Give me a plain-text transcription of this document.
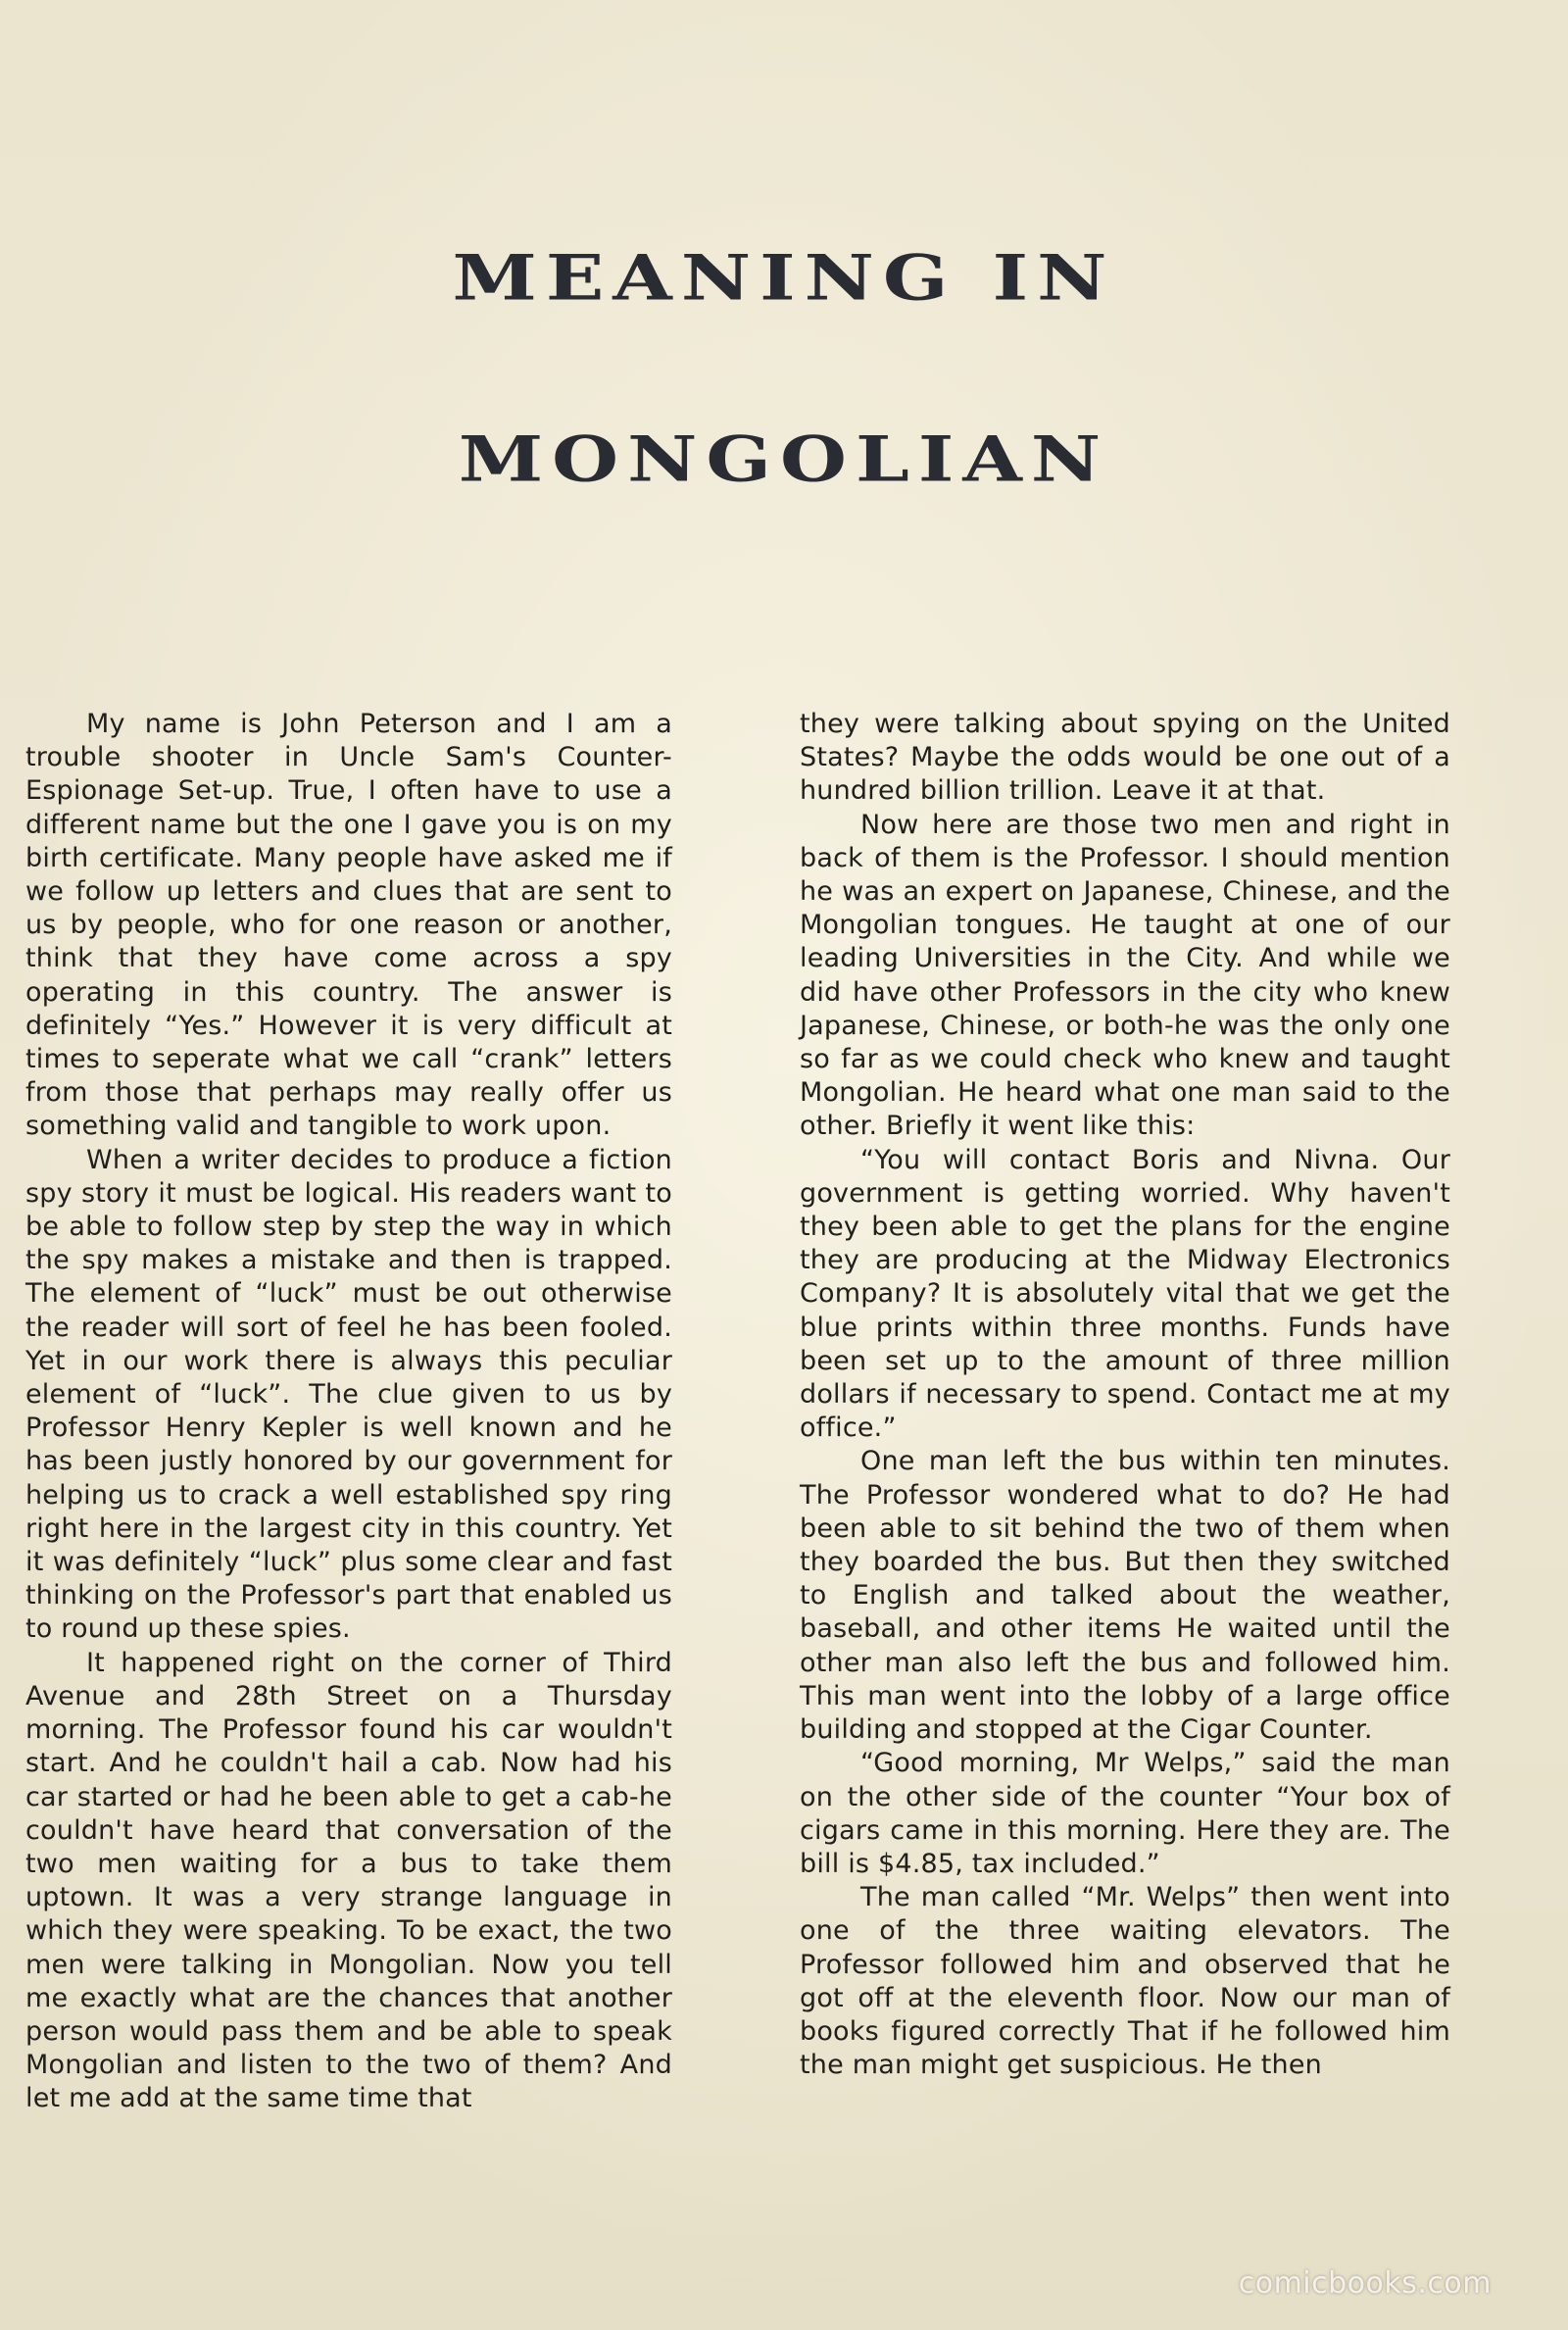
MEANING IN
MONGOLIAN

My name is John Peterson and I am a trouble shooter in Uncle Sam's Counter-Espionage Set-up. True, I often have to use a different name but the one I gave you is on my birth certificate. Many people have asked me if we follow up letters and clues that are sent to us by people, who for one reason or another, think that they have come across a spy operating in this country. The answer is definitely “Yes.” However it is very difficult at times to seperate what we call “crank” letters from those that perhaps may really offer us something valid and tangible to work upon.

When a writer decides to produce a fiction spy story it must be logical. His readers want to be able to follow step by step the way in which the spy makes a mistake and then is trapped. The element of “luck” must be out otherwise the reader will sort of feel he has been fooled. Yet in our work there is always this peculiar element of “luck”. The clue given to us by Professor Henry Kepler is well known and he has been justly honored by our government for helping us to crack a well established spy ring right here in the largest city in this country. Yet it was definitely “luck” plus some clear and fast thinking on the Professor's part that enabled us to round up these spies.

It happened right on the corner of Third Avenue and 28th Street on a Thursday morning. The Professor found his car wouldn't start. And he couldn't hail a cab. Now had his car started or had he been able to get a cab-he couldn't have heard that conversation of the two men waiting for a bus to take them uptown. It was a very strange language in which they were speaking. To be exact, the two men were talking in Mongolian. Now you tell me exactly what are the chances that another person would pass them and be able to speak Mongolian and listen to the two of them? And let me add at the same time that

they were talking about spying on the United States? Maybe the odds would be one out of a hundred billion trillion. Leave it at that.

Now here are those two men and right in back of them is the Professor. I should mention he was an expert on Japanese, Chinese, and the Mongolian tongues. He taught at one of our leading Universities in the City. And while we did have other Professors in the city who knew Japanese, Chinese, or both-he was the only one so far as we could check who knew and taught Mongolian. He heard what one man said to the other. Briefly it went like this:

“You will contact Boris and Nivna. Our government is getting worried. Why haven't they been able to get the plans for the engine they are producing at the Midway Electronics Company? It is absolutely vital that we get the blue prints within three months. Funds have been set up to the amount of three million dollars if necessary to spend. Contact me at my office.”

One man left the bus within ten minutes. The Professor wondered what to do? He had been able to sit behind the two of them when they boarded the bus. But then they switched to English and talked about the weather, baseball, and other items He waited until the other man also left the bus and followed him. This man went into the lobby of a large office building and stopped at the Cigar Counter.

“Good morning, Mr Welps,” said the man on the other side of the counter “Your box of cigars came in this morning. Here they are. The bill is $4.85, tax included.”

The man called “Mr. Welps” then went into one of the three waiting elevators. The Professor followed him and observed that he got off at the eleventh floor. Now our man of books figured correctly That if he followed him the man might get suspicious. He then

comicbooks.com
